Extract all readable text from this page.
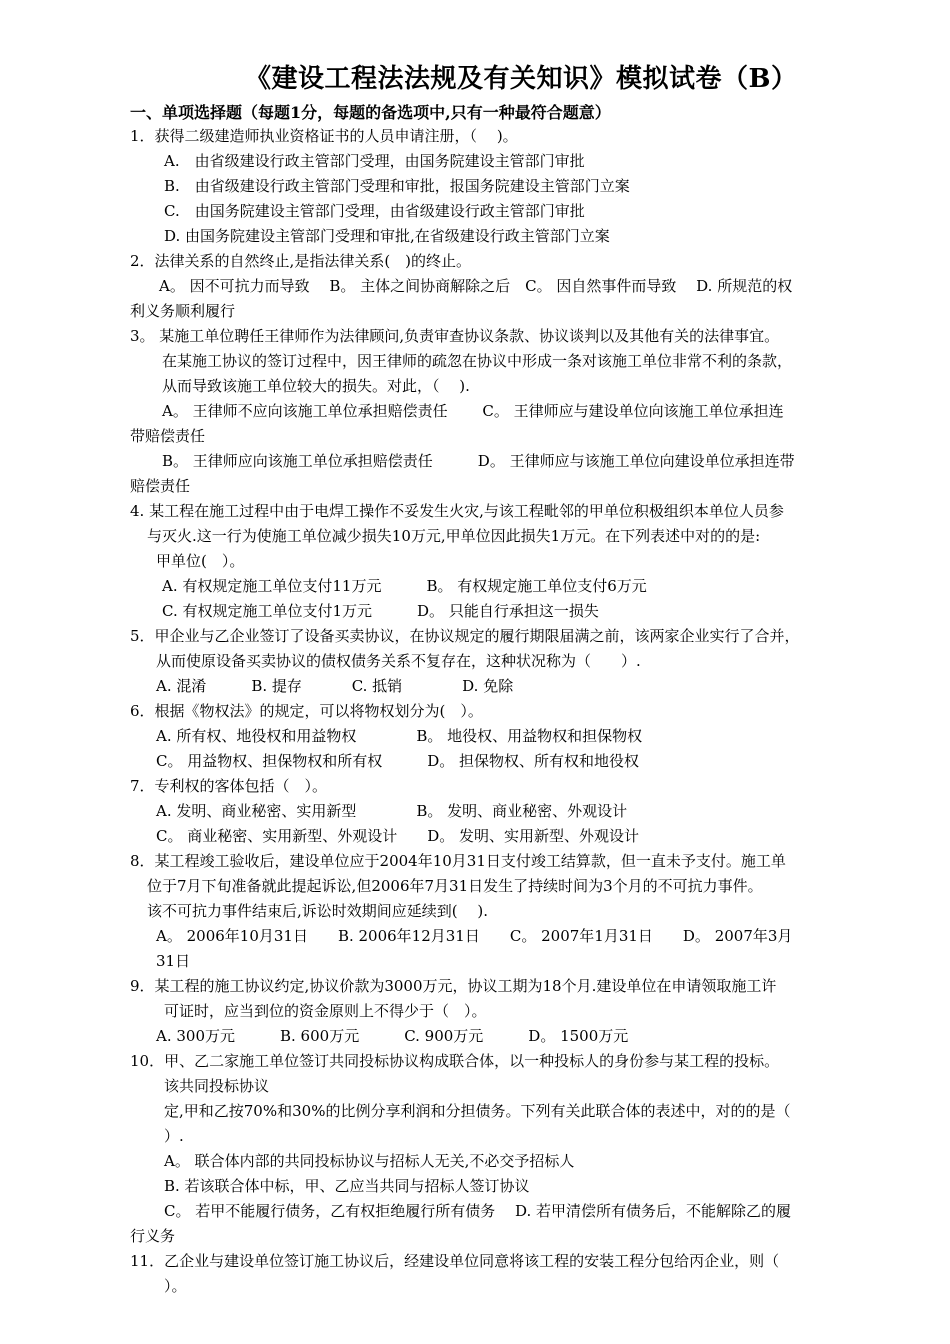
《建设工程法法规及有关知识》模拟试卷（B）
一、单项选择题（每题1分，每题的备选项中,只有一种最符合题意）
1．获得二级建造师执业资格证书的人员申请注册，（　 )。
A.　由省级建设行政主管部门受理，由国务院建设主管部门审批
B.　由省级建设行政主管部门受理和审批，报国务院建设主管部门立案
C.　由国务院建设主管部门受理，由省级建设行政主管部门审批
D. 由国务院建设主管部门受理和审批,在省级建设行政主管部门立案
2．法律关系的自然终止,是指法律关系(　)的终止。
A。 因不可抗力而导致　 B。 主体之间协商解除之后　C。 因自然事件而导致　 D. 所规范的权
利义务顺利履行
3。 某施工单位聘任王律师作为法律顾问,负责审查协议条款、协议谈判以及其他有关的法律事宜。
在某施工协议的签订过程中，因王律师的疏忽在协议中形成一条对该施工单位非常不利的条款，
从而导致该施工单位较大的损失。对此，（　 ).
A。 王律师不应向该施工单位承担赔偿责任　　 C。 王律师应与建设单位向该施工单位承担连
带赔偿责任
B。 王律师应向该施工单位承担赔偿责任　　　D。 王律师应与该施工单位向建设单位承担连带
赔偿责任
4. 某工程在施工过程中由于电焊工操作不妥发生火灾,与该工程毗邻的甲单位积极组织本单位人员参
与灭火.这一行为使施工单位减少损失10万元,甲单位因此损失1万元。在下列表述中对的的是:
甲单位(　）。
A. 有权规定施工单位支付11万元　　　B。 有权规定施工单位支付6万元
C. 有权规定施工单位支付1万元　　　D。 只能自行承担这一损失
5．甲企业与乙企业签订了设备买卖协议，在协议规定的履行期限届满之前，该两家企业实行了合并，
从而使原设备买卖协议的债权债务关系不复存在，这种状况称为（　　）.
A. 混淆　　　B. 提存　　　 C. 抵销　　　　D. 免除
6．根据《物权法》的规定，可以将物权划分为(　）。
A. 所有权、地役权和用益物权　　　　B。 地役权、用益物权和担保物权
C。 用益物权、担保物权和所有权　　　D。 担保物权、所有权和地役权
7．专利权的客体包括（　）。
A. 发明、商业秘密、实用新型　　　　B。 发明、商业秘密、外观设计
C。 商业秘密、实用新型、外观设计　　D。 发明、实用新型、外观设计
8．某工程竣工验收后，建设单位应于2004年10月31日支付竣工结算款，但一直未予支付。施工单
位于7月下旬准备就此提起诉讼,但2006年7月31日发生了持续时间为3个月的不可抗力事件。
该不可抗力事件结束后,诉讼时效期间应延续到(　 ).
A。 2006年10月31日　　B. 2006年12月31日　　C。 2007年1月31日　　D。 2007年3月
31日
9．某工程的施工协议约定,协议价款为3000万元，协议工期为18个月.建设单位在申请领取施工许
可证时，应当到位的资金原则上不得少于（　）。
A. 300万元　　　B. 600万元　　　C. 900万元　　　D。 1500万元
10．甲、乙二家施工单位签订共同投标协议构成联合体，以一种投标人的身份参与某工程的投标。
该共同投标协议
定,甲和乙按70%和30%的比例分享利润和分担债务。下列有关此联合体的表述中，对的的是（
）.
A。 联合体内部的共同投标协议与招标人无关,不必交予招标人
B. 若该联合体中标，甲、乙应当共同与招标人签订协议
C。 若甲不能履行债务，乙有权拒绝履行所有债务　 D. 若甲清偿所有债务后，不能解除乙的履
行义务
11．乙企业与建设单位签订施工协议后，经建设单位同意将该工程的安装工程分包给丙企业，则（
）。
